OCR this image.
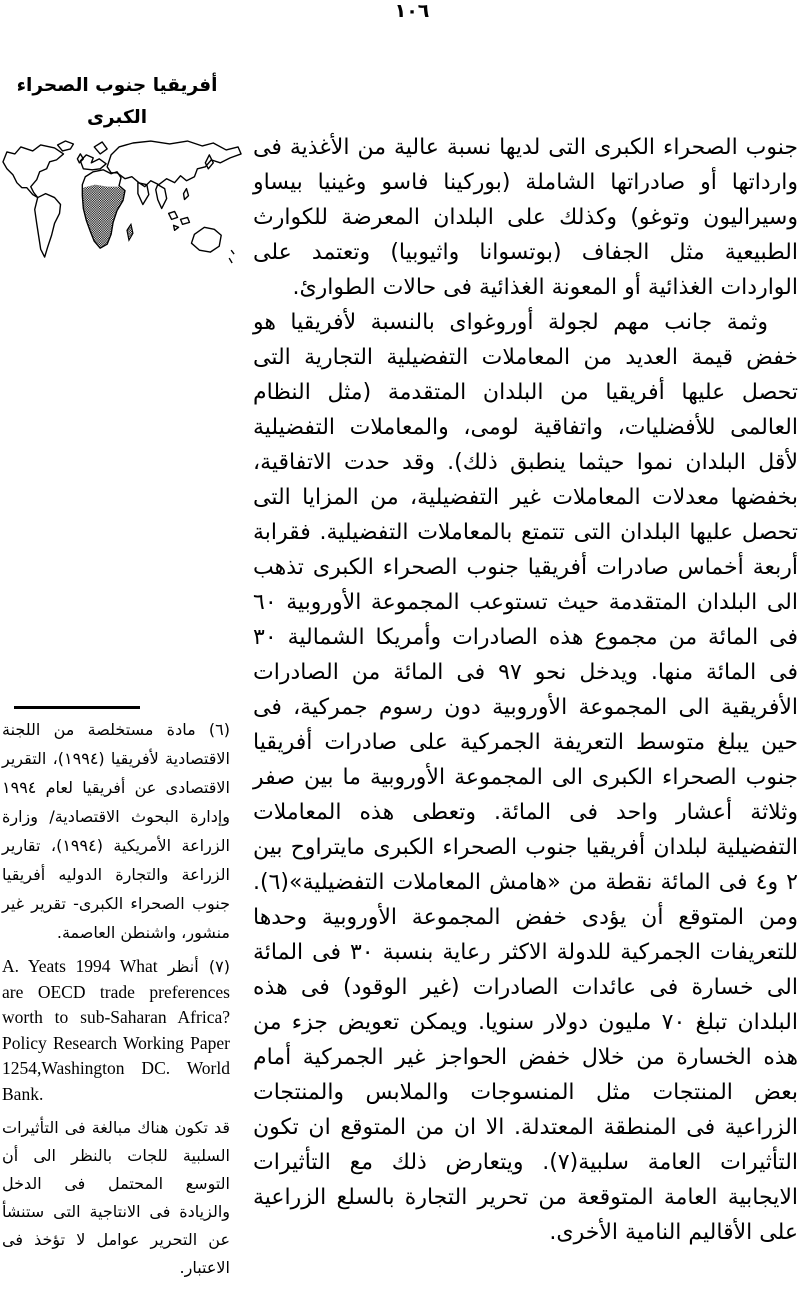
١٠٦
أفريقيا جنوب الصحراء
الكبرى

(٦) مادة مستخلصة من اللجنة الاقتصادية لأفريقيا (١٩٩٤)، التقرير الاقتصادى عن أفريقيا لعام ١٩٩٤ وإدارة البحوث الاقتصادية/ وزارة الزراعة الأمريكية (١٩٩٤)، تقارير الزراعة والتجارة الدوليه أفريقيا جنوب الصحراء الكبرى- تقرير غير منشور، واشنطن العاصمة.

(٧) أنظر A. Yeats 1994 What are OECD trade preferences worth to sub-Saharan Africa? Policy Research Working Paper 1254,Washington DC. World Bank.

قد تكون هناك مبالغة فى التأثيرات السلبية للجات بالنظر الى أن التوسع المحتمل فى الدخل والزيادة فى الانتاجية التى ستنشأ عن التحرير عوامل لا تؤخذ فى الاعتبار.

جنوب الصحراء الكبرى التى لديها نسبة عالية من الأغذية فى وارداتها أو صادراتها الشاملة (بوركينا فاسو وغينيا بيساو وسيراليون وتوغو) وكذلك على البلدان المعرضة للكوارث الطبيعية مثل الجفاف (بوتسوانا واثيوبيا) وتعتمد على الواردات الغذائية أو المعونة الغذائية فى حالات الطوارئ.

وثمة جانب مهم لجولة أوروغواى بالنسبة لأفريقيا هو خفض قيمة العديد من المعاملات التفضيلية التجارية التى تحصل عليها أفريقيا من البلدان المتقدمة (مثل النظام العالمى للأفضليات، واتفاقية لومى، والمعاملات التفضيلية لأقل البلدان نموا حيثما ينطبق ذلك). وقد حدت الاتفاقية، بخفضها معدلات المعاملات غير التفضيلية، من المزايا التى تحصل عليها البلدان التى تتمتع بالمعاملات التفضيلية. فقرابة أربعة أخماس صادرات أفريقيا جنوب الصحراء الكبرى تذهب الى البلدان المتقدمة حيث تستوعب المجموعة الأوروبية ٦٠ فى المائة من مجموع هذه الصادرات وأمريكا الشمالية ٣٠ فى المائة منها. ويدخل نحو ٩٧ فى المائة من الصادرات الأفريقية الى المجموعة الأوروبية دون رسوم جمركية، فى حين يبلغ متوسط التعريفة الجمركية على صادرات أفريقيا جنوب الصحراء الكبرى الى المجموعة الأوروبية ما بين صفر وثلاثة أعشار واحد فى المائة. وتعطى هذه المعاملات التفضيلية لبلدان أفريقيا جنوب الصحراء الكبرى مايتراوح بين ٢ و٤ فى المائة نقطة من «هامش المعاملات التفضيلية»(٦). ومن المتوقع أن يؤدى خفض المجموعة الأوروبية وحدها للتعريفات الجمركية للدولة الاكثر رعاية بنسبة ٣٠ فى المائة الى خسارة فى عائدات الصادرات (غير الوقود) فى هذه البلدان تبلغ ٧٠ مليون دولار سنويا. ويمكن تعويض جزء من هذه الخسارة من خلال خفض الحواجز غير الجمركية أمام بعض المنتجات مثل المنسوجات والملابس والمنتجات الزراعية فى المنطقة المعتدلة. الا ان من المتوقع ان تكون التأثيرات العامة سلبية(٧). ويتعارض ذلك مع التأثيرات الايجابية العامة المتوقعة من تحرير التجارة بالسلع الزراعية على الأقاليم النامية الأخرى.
